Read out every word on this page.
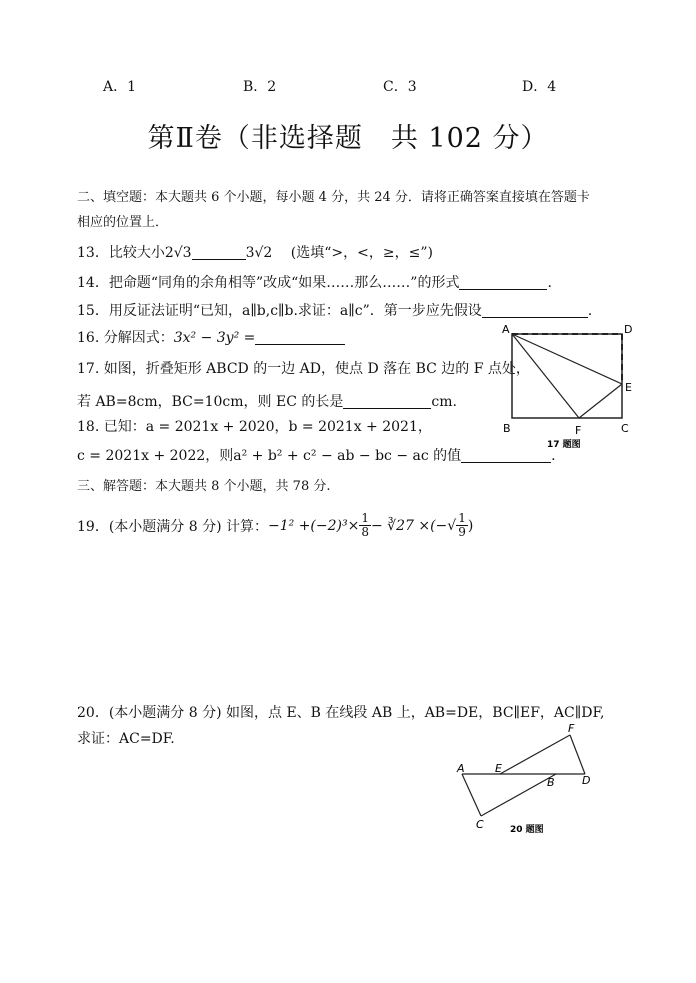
A．1	B．2	C．3	D．4
第Ⅱ卷（非选择题　共 102 分）
二、填空题：本大题共 6 个小题，每小题 4 分，共 24 分．请将正确答案直接填在答题卡
相应的位置上．
13．比较大小2√3	3√2 (选填“>，<，≥，≤”)
14．把命题“同角的余角相等”改成“如果……那么……”的形式	.
15．用反证法证明“已知，a∥b,c∥b.求证：a∥c”．第一步应先假设	.
16. 分解因式：3x² − 3y² =
17. 如图，折叠矩形 ABCD 的一边 AD，使点 D 落在 BC 边的 F 点处，
若 AB=8cm，BC=10cm，则 EC 的长是	cm.
18. 已知：a = 2021x + 2020，b = 2021x + 2021，
c = 2021x + 2022，则a² + b² + c² − ab − bc − ac 的值	.
三、解答题：本大题共 8 个小题，共 78 分.
19．(本小题满分 8 分) 计算： $-1^2 +(-2)^3\times \frac{1}{8}$ − ∛27 ×(−√ $\frac{1}{9}$ )
20．(本小题满分 8 分) 如图，点 E、B 在线段 AB 上，AB=DE，BC∥EF，AC∥DF,
求证：AC=DF.
A	D
E
B	F	C
17 题图
A	E
B D
F
C	20 题图
